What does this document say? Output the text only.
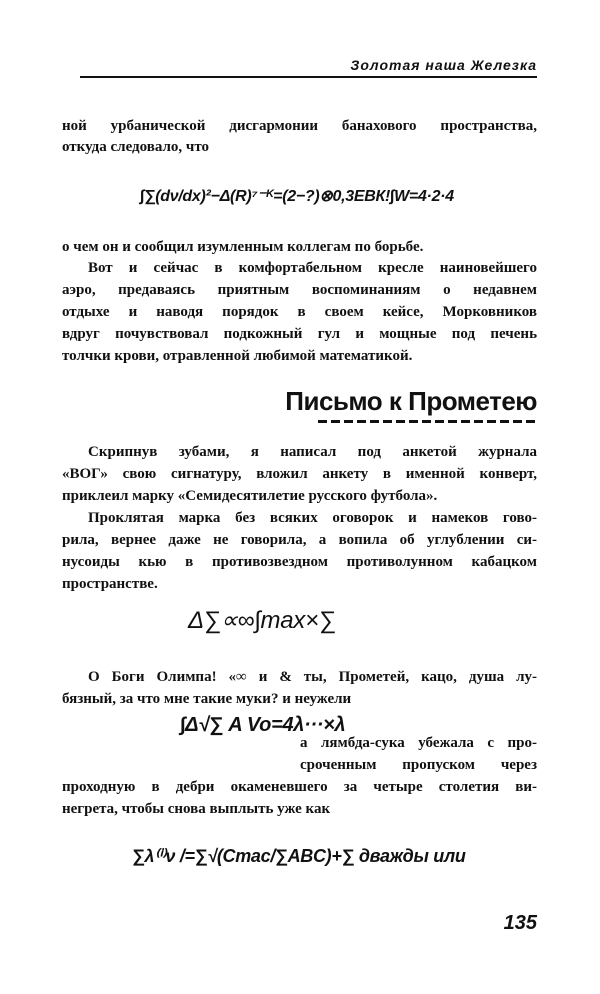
Золотая наша Железка
ной урбанической дисгармонии банахового пространства,
откуда следовало, что
∫∑(dν/dx)²−Δ(R)⁷⁻ᴷ=(2−?)⊗0,3ЕВК!∫W=4·2·4
о чем он и сообщил изумленным коллегам по борьбе.
Вот и сейчас в комфортабельном кресле наиновейшего
аэро, предаваясь приятным воспоминаниям о недавнем
отдыхе и наводя порядок в своем кейсе, Морковников
вдруг почувствовал подкожный гул и мощные под печень
толчки крови, отравленной любимой математикой.
Письмо к Прометею
Скрипнув зубами, я написал под анкетой журнала
«ВОГ» свою сигнатуру, вложил анкету в именной конверт,
приклеил марку «Семидесятилетие русского футбола».
Проклятая марка без всяких оговорок и намеков гово-
рила, вернее даже не говорила, а вопила об углублении си-
нусоиды кью в противозвездном противолунном кабацком
пространстве.
Δ∑∝∞∫max×∑
О Боги Олимпа! «∞ и & ты, Прометей, кацо, душа лу-
бязный, за что мне такие муки? и неужели
∫Δ√∑ A Vo=4λ···×λ
а лямбда-сука убежала с про-
сроченным пропуском через
проходную в дебри окаменевшего за четыре столетия ви-
негрета, чтобы снова выплыть уже как
∑λ⁽ⁱ⁾ν /=∑√(Cmac/∑ABC)+∑ дважды или
135
